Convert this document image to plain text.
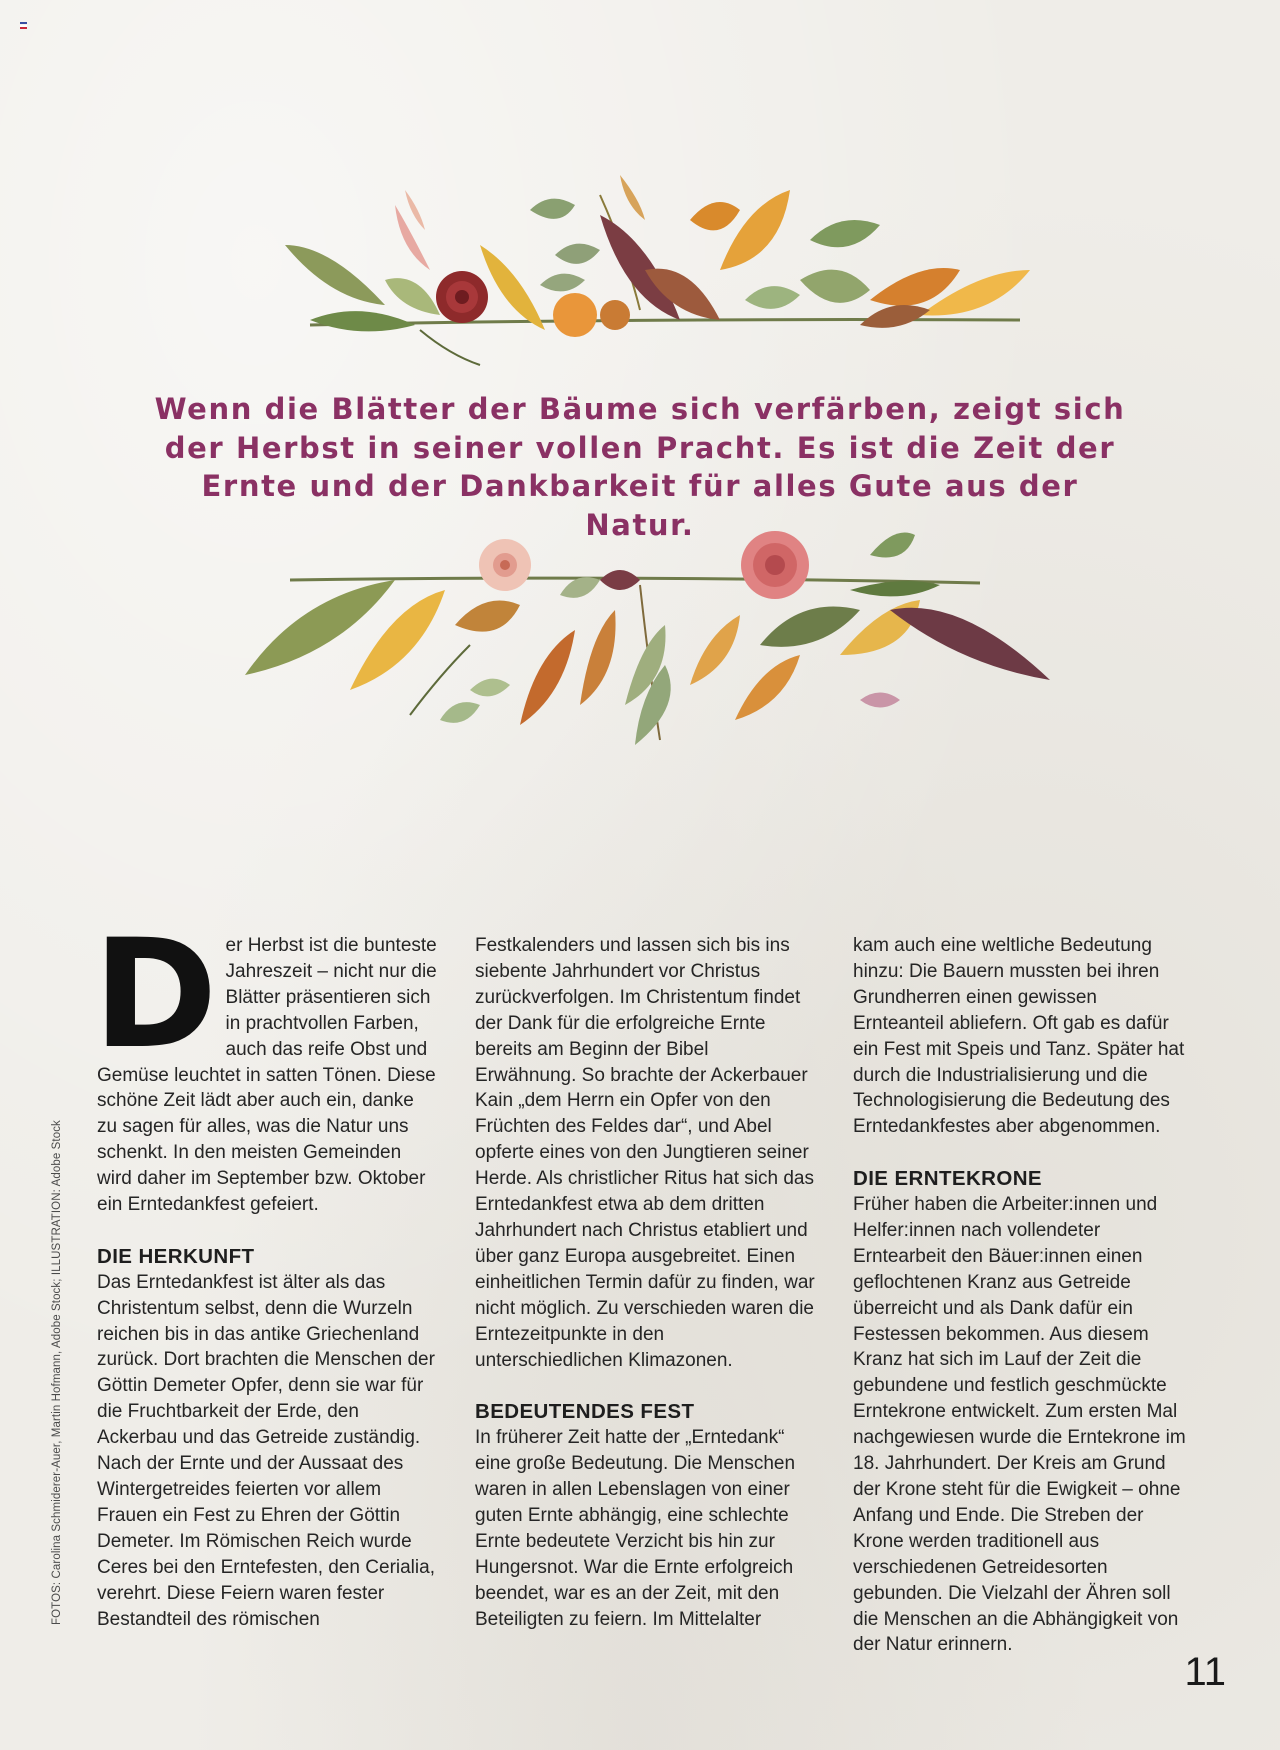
Wenn die Blätter der Bäume sich verfärben, zeigt sich der Herbst in seiner vollen Pracht. Es ist die Zeit der Ernte und der Dankbarkeit für alles Gute aus der Natur.

FOTOS: Carolina Schmiderer-Auer, Martin Hofmann, Adobe Stock; ILLUSTRATION: Adobe Stock
D er Herbst ist die bunteste Jahreszeit – nicht nur die Blätter präsentieren sich in prachtvollen Farben, auch das reife Obst und Gemüse leuchtet in satten Tönen. Diese schöne Zeit lädt aber auch ein, danke zu sagen für alles, was die Natur uns schenkt. In den meisten Gemeinden wird daher im September bzw. Oktober ein Erntedankfest gefeiert.

DIE HERKUNFT

Das Erntedankfest ist älter als das Christentum selbst, denn die Wurzeln reichen bis in das antike Griechenland zurück. Dort brachten die Menschen der Göttin Demeter Opfer, denn sie war für die Fruchtbarkeit der Erde, den Ackerbau und das Getreide zuständig. Nach der Ernte und der Aussaat des Wintergetreides feierten vor allem Frauen ein Fest zu Ehren der Göttin Demeter. Im Römischen Reich wurde Ceres bei den Erntefesten, den Cerialia, verehrt. Diese Feiern waren fester Bestandteil des römischen

Festkalenders und lassen sich bis ins siebente Jahrhundert vor Christus zurückverfolgen. Im Christentum findet der Dank für die erfolgreiche Ernte bereits am Beginn der Bibel Erwähnung. So brachte der Ackerbauer Kain „dem Herrn ein Opfer von den Früchten des Feldes dar“, und Abel opferte eines von den Jungtieren seiner Herde. Als christlicher Ritus hat sich das Erntedankfest etwa ab dem dritten Jahrhundert nach Christus etabliert und über ganz Europa ausgebreitet. Einen einheitlichen Termin dafür zu finden, war nicht möglich. Zu verschieden waren die Erntezeitpunkte in den unterschiedlichen Klimazonen.

BEDEUTENDES FEST

In früherer Zeit hatte der „Erntedank“ eine große Bedeutung. Die Menschen waren in allen Lebenslagen von einer guten Ernte abhängig, eine schlechte Ernte bedeutete Verzicht bis hin zur Hungersnot. War die Ernte erfolgreich beendet, war es an der Zeit, mit den Beteiligten zu feiern. Im Mittelalter

kam auch eine weltliche Bedeutung hinzu: Die Bauern mussten bei ihren Grundherren einen gewissen Ernteanteil abliefern. Oft gab es dafür ein Fest mit Speis und Tanz. Später hat durch die Industrialisierung und die Technologisierung die Bedeutung des Erntedankfestes aber abgenommen.

DIE ERNTEKRONE

Früher haben die Arbeiter:innen und Helfer:innen nach vollendeter Erntearbeit den Bäuer:innen einen geflochtenen Kranz aus Getreide überreicht und als Dank dafür ein Festessen bekommen. Aus diesem Kranz hat sich im Lauf der Zeit die gebundene und festlich geschmückte Erntekrone entwickelt. Zum ersten Mal nachgewiesen wurde die Erntekrone im 18. Jahrhundert. Der Kreis am Grund der Krone steht für die Ewigkeit – ohne Anfang und Ende. Die Streben der Krone werden traditionell aus verschiedenen Getreidesorten gebunden. Die Vielzahl der Ähren soll die Menschen an die Abhängigkeit von der Natur erinnern.

11
